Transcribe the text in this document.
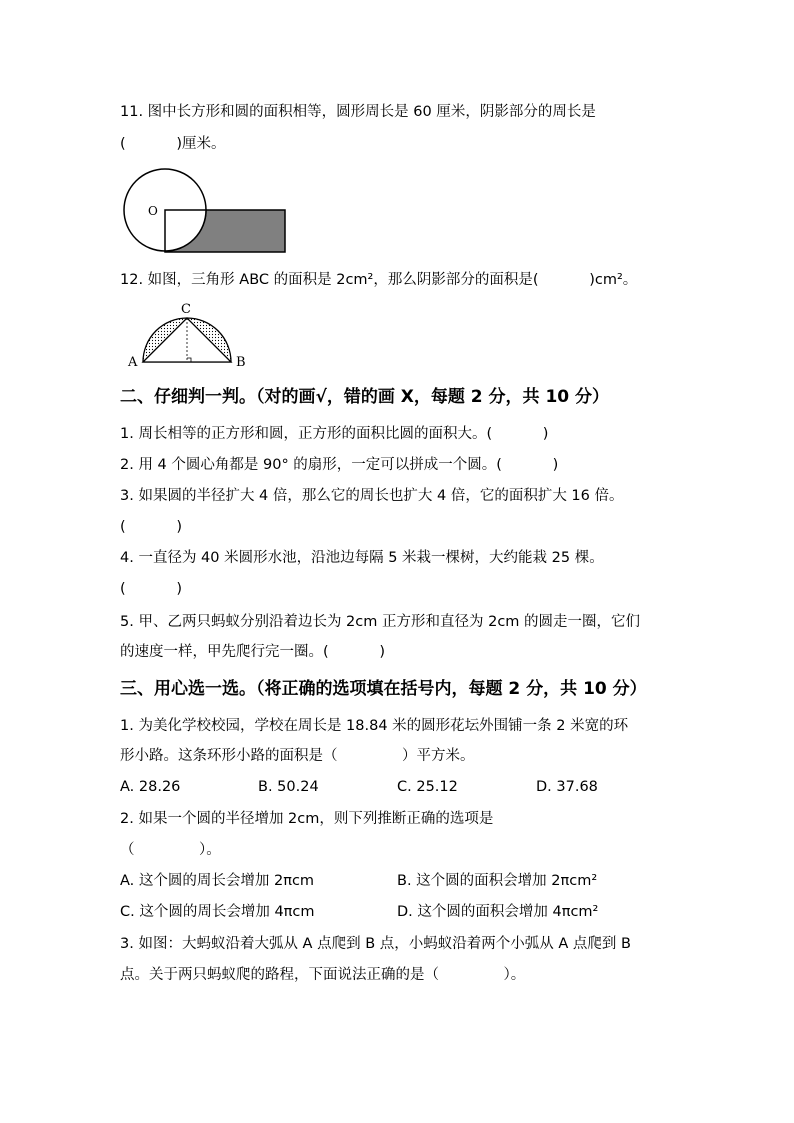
11. 图中长方形和圆的面积相等，圆形周长是 60 厘米，阴影部分的周长是
(           )厘米。
O
12. 如图，三角形 ABC 的面积是 2cm²，那么阴影部分的面积是(           )cm²。
A	B
C
二、仔细判一判。（对的画√，错的画 X，每题 2 分，共 10 分）
1. 周长相等的正方形和圆，正方形的面积比圆的面积大。(           )
2. 用 4 个圆心角都是 90° 的扇形，一定可以拼成一个圆。(           )
3. 如果圆的半径扩大 4 倍，那么它的周长也扩大 4 倍，它的面积扩大 16 倍。
(           )
4. 一直径为 40 米圆形水池，沿池边每隔 5 米栽一棵树，大约能栽 25 棵。
(           )
5. 甲、乙两只蚂蚁分别沿着边长为 2cm 正方形和直径为 2cm 的圆走一圈，它们
的速度一样，甲先爬行完一圈。(           )
三、用心选一选。（将正确的选项填在括号内，每题 2 分，共 10 分）
1. 为美化学校校园，学校在周长是 18.84 米的圆形花坛外围铺一条 2 米宽的环
形小路。这条环形小路的面积是（              ）平方米。
A. 28.26	B. 50.24	C. 25.12	D. 37.68
2. 如果一个圆的半径增加 2cm，则下列推断正确的选项是
（              ）。
A. 这个圆的周长会增加 2πcm	B. 这个圆的面积会增加 2πcm²
C. 这个圆的周长会增加 4πcm	D. 这个圆的面积会增加 4πcm²
3. 如图：大蚂蚁沿着大弧从 A 点爬到 B 点，小蚂蚁沿着两个小弧从 A 点爬到 B
点。关于两只蚂蚁爬的路程，下面说法正确的是（              ）。
